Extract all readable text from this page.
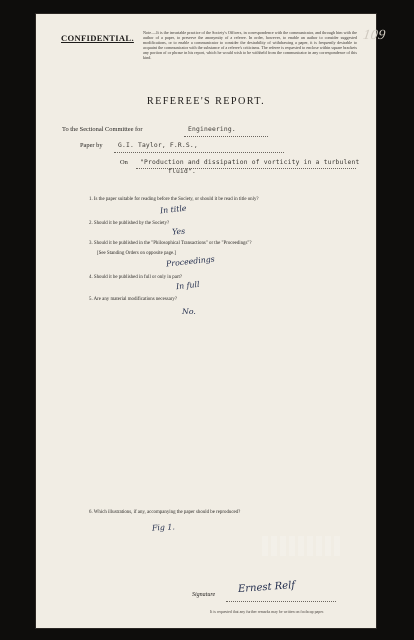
CONFIDENTIAL.
Note.—It is the invariable practice of the Society's Officers, in correspondence with the communicator, and through him with the author of a paper, to preserve the anonymity of a referee. In order, however, to enable an author to consider suggested modifications, or to enable a communicator to consider the desirability of withdrawing a paper, it is frequently desirable to acquaint the communicator with the substance of a referee's criticisms. The referee is requested to enclose within square brackets any portion of or phrase in his report, which he would wish to be withheld from the communicator in any correspondence of this kind.
REFEREE'S REPORT.
To the Sectional Committee for	Engineering.
Paper by G.I. Taylor, F.R.S.,
On "Production and dissipation of vorticity in a turbulent
fluid".
1. Is the paper suitable for reading before the Society, or should it be read in title only?
In title
2. Should it be published by the Society?
Yes
3. Should it be published in the "Philosophical Transactions" or the "Proceedings"?
[See Standing Orders on opposite page.]
Proceedings
4. Should it be published in full or only in part?
In full
5. Are any material modifications necessary?
No.
6. Which illustrations, if any, accompanying the paper should be reproduced?
Fig 1.
Signature
Ernest Relf
It is requested that any further remarks may be written on foolscap paper.
109
